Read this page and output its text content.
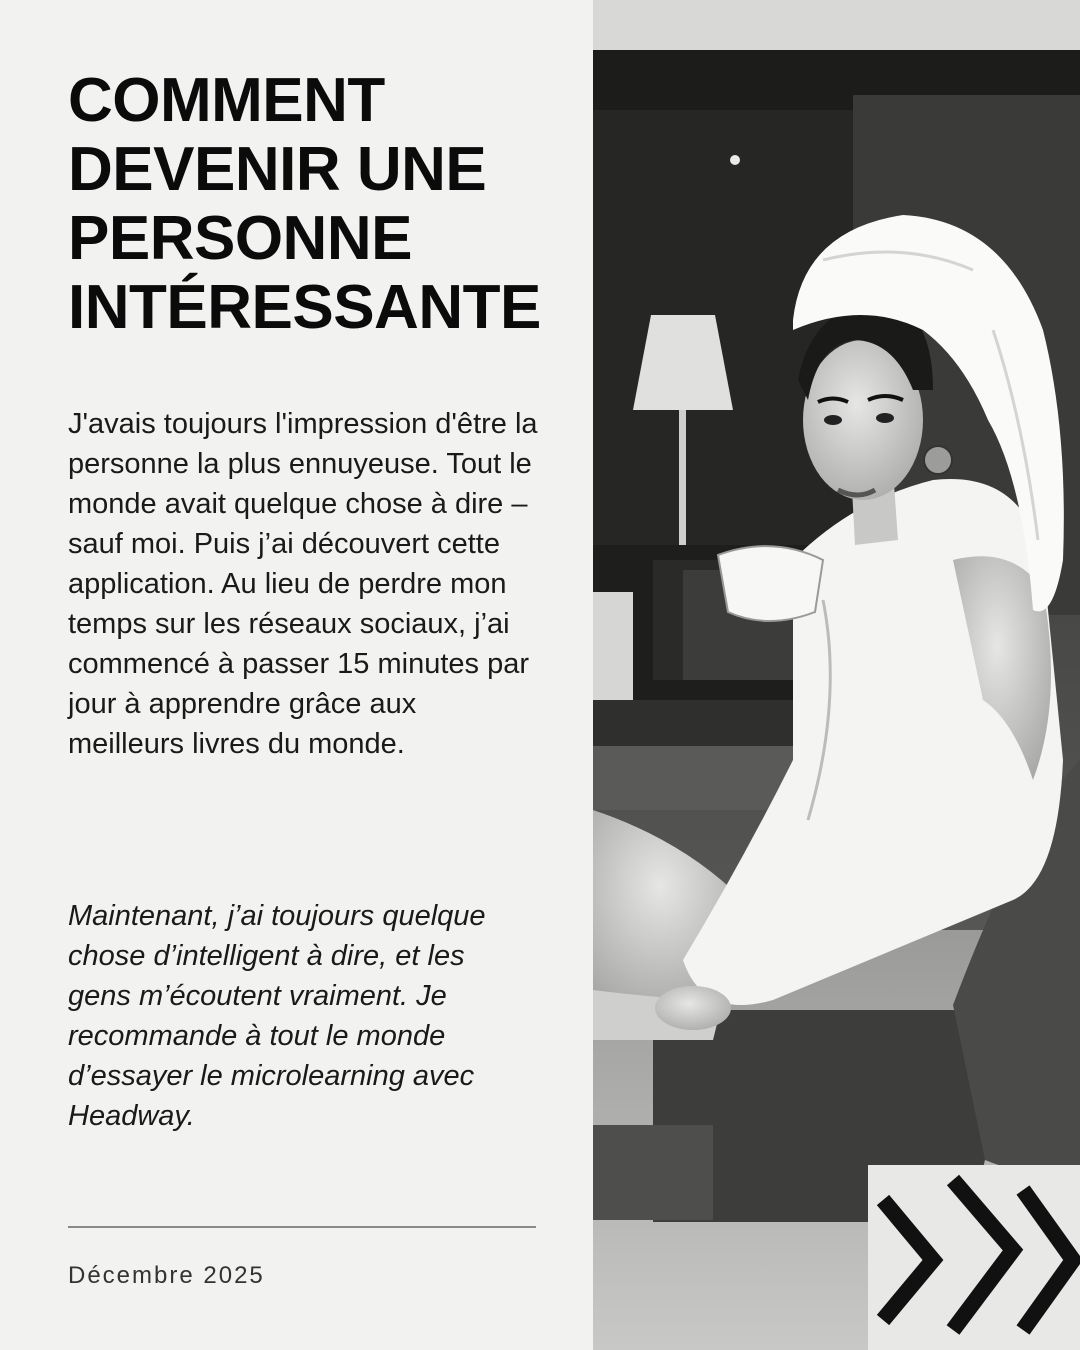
COMMENT
DEVENIR UNE
PERSONNE
INTÉRESSANTE

J'avais toujours l'impression d'être la personne la plus ennuyeuse. Tout le monde avait quelque chose à dire – sauf moi. Puis j’ai découvert cette application. Au lieu de perdre mon temps sur les réseaux sociaux, j’ai commencé à passer 15 minutes par jour à apprendre grâce aux meilleurs livres du monde.

Maintenant, j’ai toujours quelque chose d’intelligent à dire, et les gens m’écoutent vraiment. Je recommande à tout le monde d’essayer le microlearning avec Headway.

Décembre 2025
